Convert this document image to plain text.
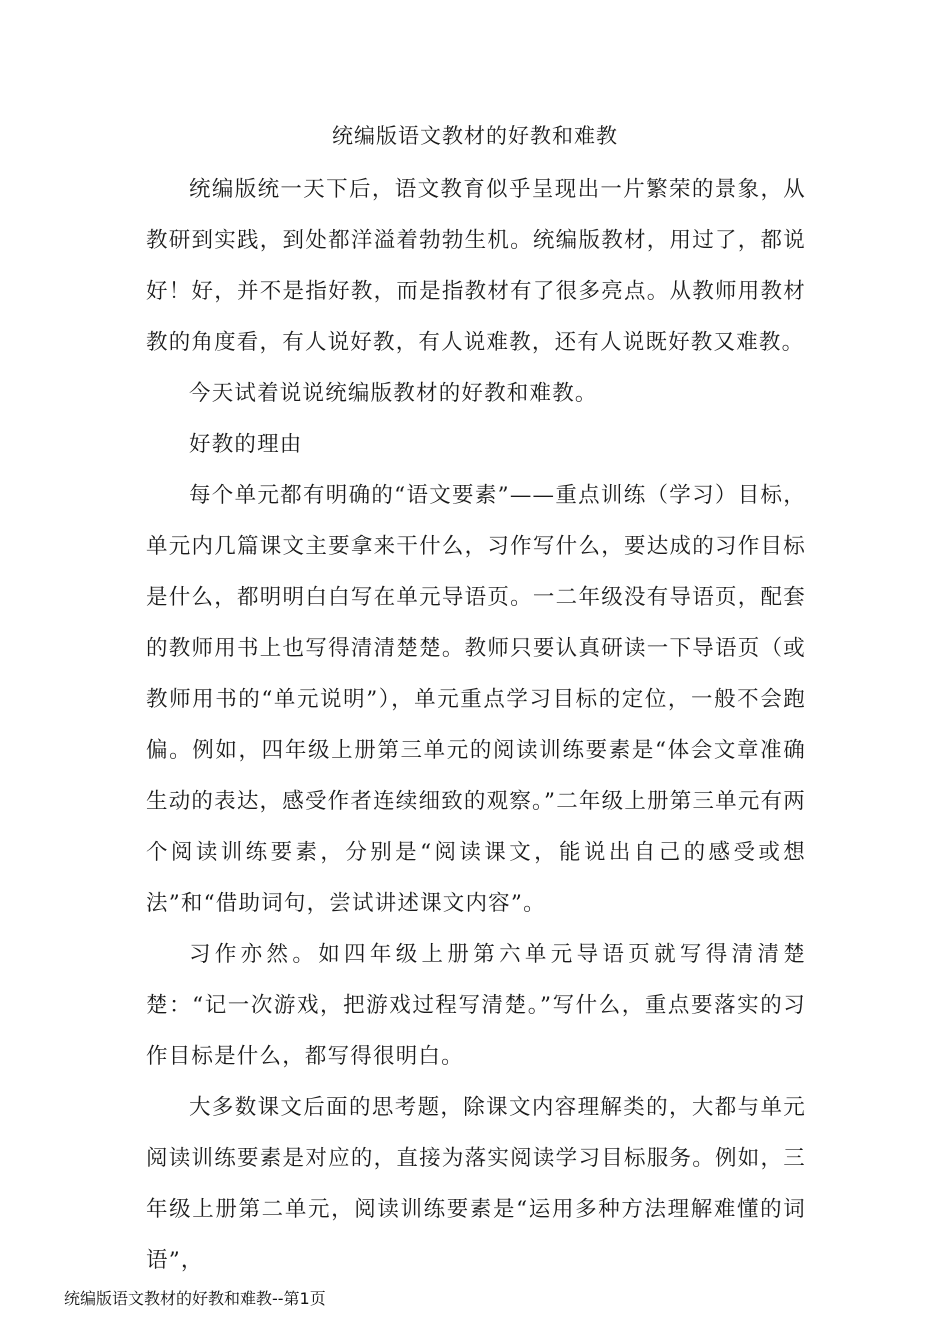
统编版语文教材的好教和难教

统编版统一天下后，语文教育似乎呈现出一片繁荣的景象，从教研到实践，到处都洋溢着勃勃生机。统编版教材，用过了，都说好！好，并不是指好教，而是指教材有了很多亮点。从教师用教材教的角度看，有人说好教，有人说难教，还有人说既好教又难教。

今天试着说说统编版教材的好教和难教。

好教的理由

每个单元都有明确的“语文要素”——重点训练（学习）目标，单元内几篇课文主要拿来干什么，习作写什么，要达成的习作目标是什么，都明明白白写在单元导语页。一二年级没有导语页，配套的教师用书上也写得清清楚楚。教师只要认真研读一下导语页（或教师用书的“单元说明”），单元重点学习目标的定位，一般不会跑偏。例如，四年级上册第三单元的阅读训练要素是“体会文章准确生动的表达，感受作者连续细致的观察。”二年级上册第三单元有两个阅读训练要素，分别是“阅读课文，能说出自己的感受或想法”和“借助词句，尝试讲述课文内容”。

习作亦然。如四年级上册第六单元导语页就写得清清楚楚：“记一次游戏，把游戏过程写清楚。”写什么，重点要落实的习作目标是什么，都写得很明白。

大多数课文后面的思考题，除课文内容理解类的，大都与单元阅读训练要素是对应的，直接为落实阅读学习目标服务。例如，三年级上册第二单元，阅读训练要素是“运用多种方法理解难懂的词语”，

统编版语文教材的好教和难教--第1页
